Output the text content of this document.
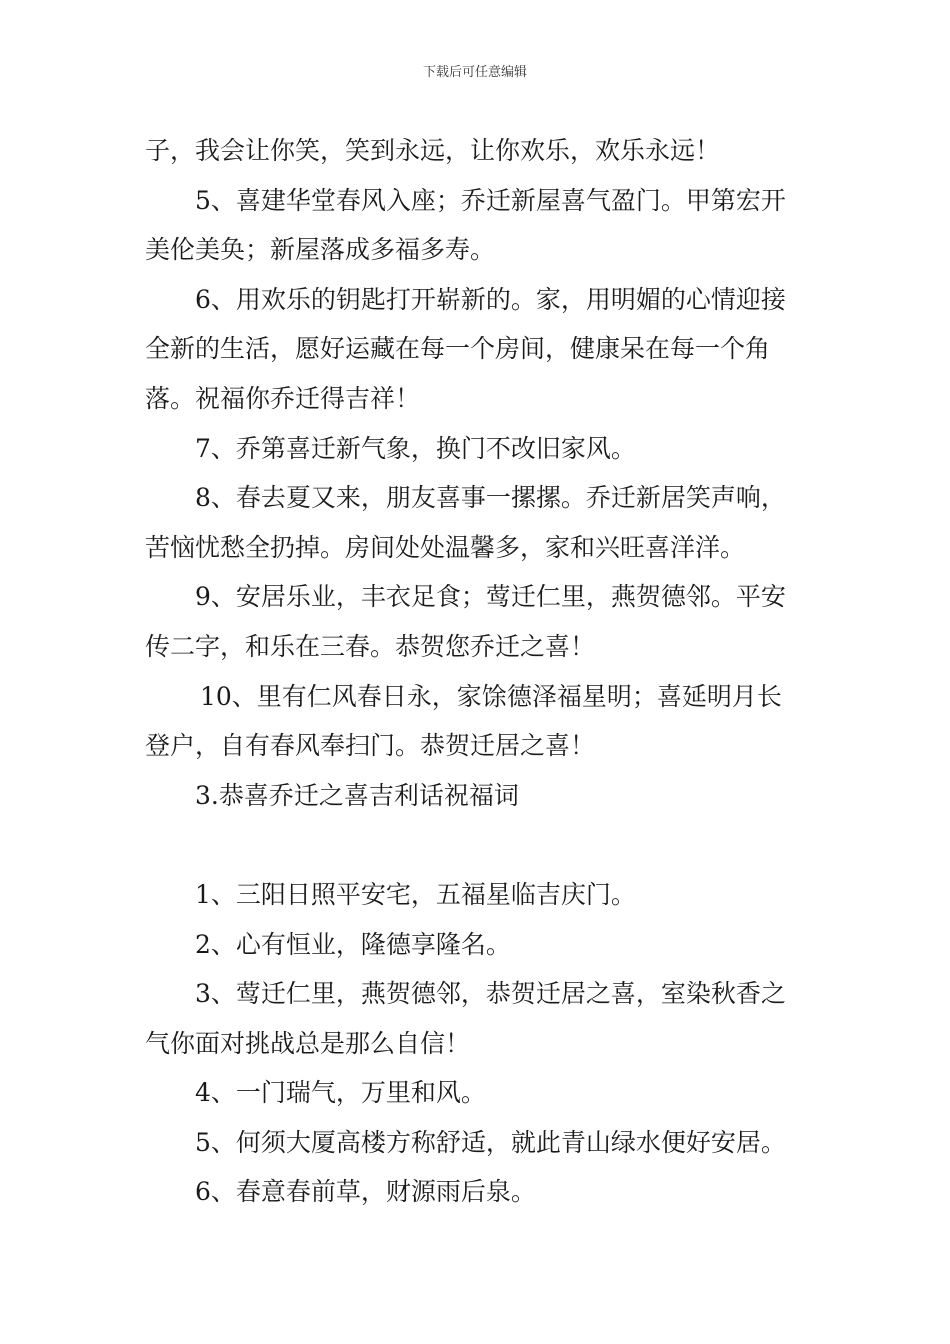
下载后可任意编辑
子，我会让你笑，笑到永远，让你欢乐，欢乐永远！
5、喜建华堂春风入座；乔迁新屋喜气盈门。甲第宏开
美伦美奂；新屋落成多福多寿。
6、用欢乐的钥匙打开崭新的。家，用明媚的心情迎接
全新的生活，愿好运藏在每一个房间，健康呆在每一个角
落。祝福你乔迁得吉祥！
7、乔第喜迁新气象，换门不改旧家风。
8、春去夏又来，朋友喜事一摞摞。乔迁新居笑声响，
苦恼忧愁全扔掉。房间处处温馨多，家和兴旺喜洋洋。
9、安居乐业，丰衣足食；莺迁仁里，燕贺德邻。平安
传二字，和乐在三春。恭贺您乔迁之喜！
10、里有仁风春日永，家馀德泽福星明；喜延明月长
登户，自有春风奉扫门。恭贺迁居之喜！
3.恭喜乔迁之喜吉利话祝福词
1、三阳日照平安宅，五福星临吉庆门。
2、心有恒业，隆德享隆名。
3、莺迁仁里，燕贺德邻，恭贺迁居之喜，室染秋香之
气你面对挑战总是那么自信！
4、一门瑞气，万里和风。
5、何须大厦高楼方称舒适，就此青山绿水便好安居。
6、春意春前草，财源雨后泉。
